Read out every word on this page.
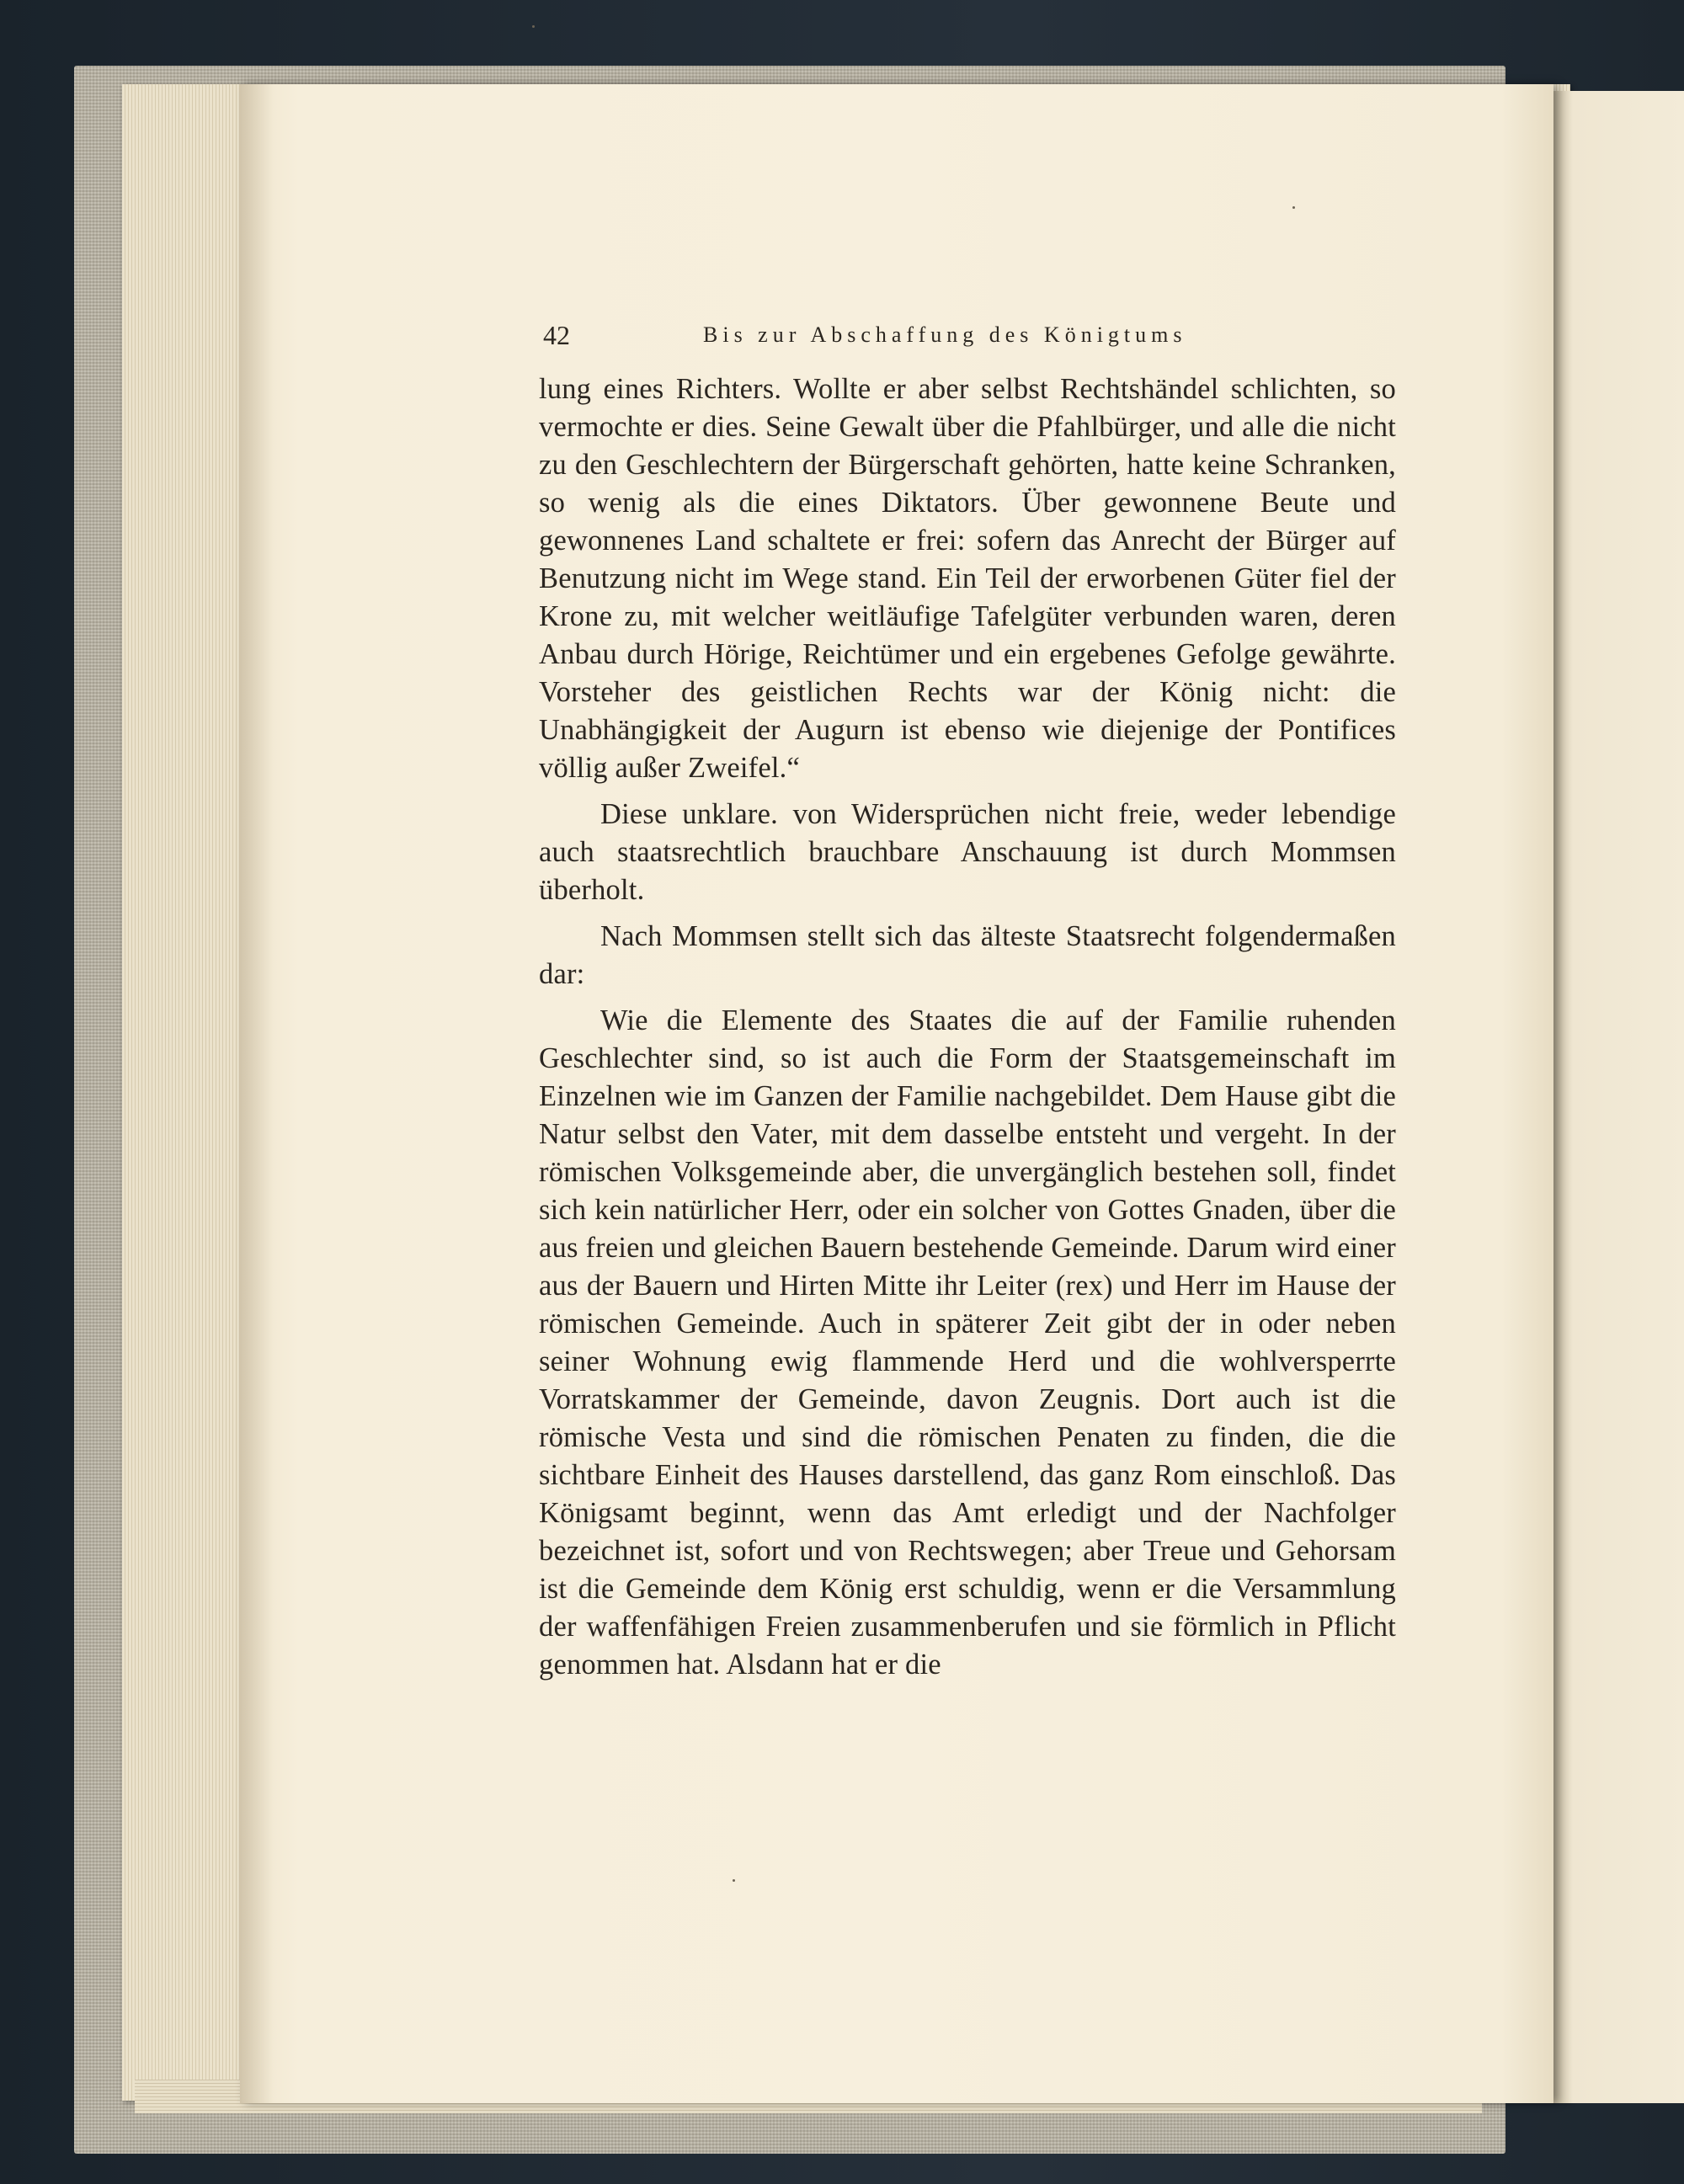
42	Bis zur Abschaffung des Königtums

lung eines Richters. Wollte er aber selbst Rechtshändel schlichten, so vermochte er dies. Seine Gewalt über die Pfahlbürger, und alle die nicht zu den Geschlechtern der Bürgerschaft gehörten, hatte keine Schranken, so wenig als die eines Diktators. Über gewonnene Beute und gewonnenes Land schaltete er frei: sofern das Anrecht der Bürger auf Benutzung nicht im Wege stand. Ein Teil der erworbenen Güter fiel der Krone zu, mit welcher weitläufige Tafelgüter verbunden waren, deren Anbau durch Hörige, Reichtümer und ein ergebenes Gefolge gewährte. Vorsteher des geistlichen Rechts war der König nicht: die Unabhängigkeit der Augurn ist ebenso wie diejenige der Pontifices völlig außer Zweifel.“

Diese unklare. von Widersprüchen nicht freie, weder lebendige auch staatsrechtlich brauchbare Anschauung ist durch Mommsen überholt.

Nach Mommsen stellt sich das älteste Staatsrecht folgendermaßen dar:

Wie die Elemente des Staates die auf der Familie ruhenden Geschlechter sind, so ist auch die Form der Staatsgemeinschaft im Einzelnen wie im Ganzen der Familie nachgebildet. Dem Hause gibt die Natur selbst den Vater, mit dem dasselbe entsteht und vergeht. In der römischen Volksgemeinde aber, die unvergänglich bestehen soll, findet sich kein natürlicher Herr, oder ein solcher von Gottes Gnaden, über die aus freien und gleichen Bauern bestehende Gemeinde. Darum wird einer aus der Bauern und Hirten Mitte ihr Leiter (rex) und Herr im Hause der römischen Gemeinde. Auch in späterer Zeit gibt der in oder neben seiner Wohnung ewig flammende Herd und die wohlversperrte Vorratskammer der Gemeinde, davon Zeugnis. Dort auch ist die römische Vesta und sind die römischen Penaten zu finden, die die sichtbare Einheit des Hauses darstellend, das ganz Rom einschloß. Das Königsamt beginnt, wenn das Amt erledigt und der Nachfolger bezeichnet ist, sofort und von Rechtswegen; aber Treue und Gehorsam ist die Gemeinde dem König erst schuldig, wenn er die Versammlung der waffenfähigen Freien zusammenberufen und sie förmlich in Pflicht genommen hat. Alsdann hat er die
